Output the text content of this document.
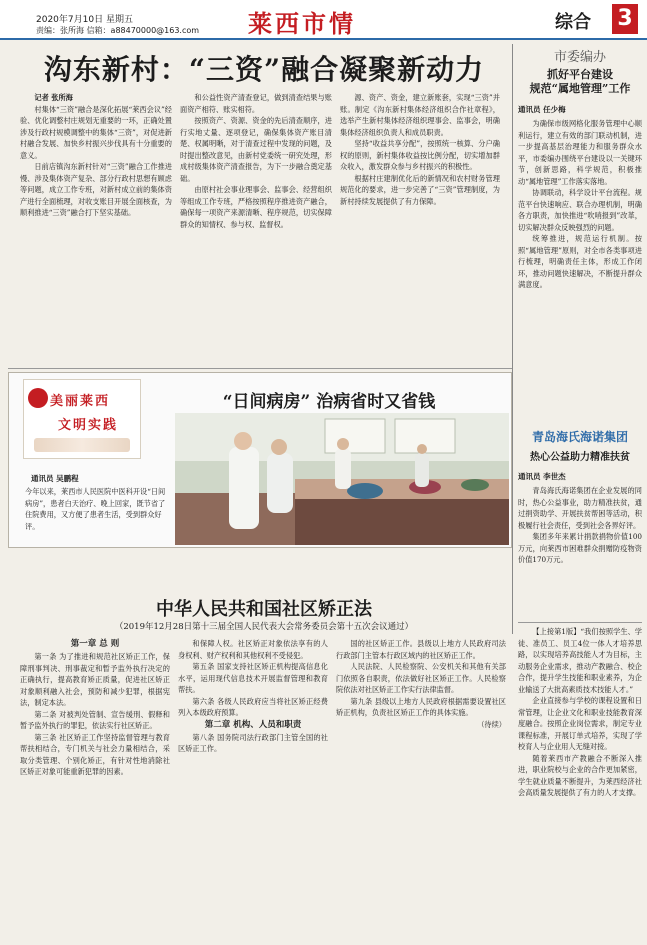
2020年7月10日 星期五
责编：张所海 信箱：a88470000@163.com 莱西市情	综合 3
沟东新村：“三资”融合凝聚新动力

记者 张所海

村集体“三资”融合是深化拓展“莱西会议”经验、优化调整村庄规划无重要的一环，正确处置涉及行政村规模调整中的集体“三资”，对促进新村融合发展、加快乡村振兴步伐具有十分重要的意义。

日前店镇沟东新村针对“三资”融合工作推进慢、涉及集体资产复杂、部分行政村思想有顾虑等问题，成立工作专班，对新村成立前的集体资产进行全面梳理，对收支账目开展全面核查，为顺利推进“三资”融合打下坚实基础。

和公益性资产清查登记，做到清查结果与账面资产相符、账实相符。

按照资产、资源、资金的先后清查顺序，进行实地丈量、逐项登记，确保集体资产账目清楚、权属明晰，对于清查过程中发现的问题，及时提出整改意见，由新村党委统一研究处理，形成村级集体资产清查报告，为下一步融合奠定基础。

由原村社会事业理事会、监事会、经营组织等组成工作专班，严格按照程序推进资产融合，确保每一项资产来源清晰、程序规范，切实保障群众的知情权、参与权、监督权。

源、资产、资金，建立新账套，实现“三资”并账。制定《沟东新村集体经济组织合作社章程》，选举产生新村集体经济组织理事会、监事会，明确集体经济组织负责人和成员职责。

坚持“收益共享分配”，按照统一核算、分户确权的原则，新村集体收益按比例分配，切实增加群众收入，激发群众参与乡村振兴的积极性。

根据村庄建制优化后的新情况和农村财务管理规范化的要求，进一步完善了“三资”管理制度，为新村持续发展提供了有力保障。

市委编办
抓好平台建设
规范“属地管理”工作
通讯员 任少梅

为确保市级网格化服务管理中心顺利运行，建立有效的部门联动机制，进一步提高基层治理能力和服务群众水平，市委编办围绕平台建设以一关键环节，创新思路，科学规范，积极推动“属地管理”工作落实落地。

协调联动，科学设计平台流程。规范平台快速响应、联合办理机制，明确各方职责，加快推进“吹哨报到”改革，切实解决群众反映强烈的问题。

统筹推进，规范运行机制。按照“属地管理”原则，对全市各类事项进行梳理，明确责任主体，形成工作闭环，推动问题快速解决，不断提升群众满意度。

青岛海氏海诺集团
热心公益助力精准扶贫
通讯员 李世杰

青岛海氏海诺集团在企业发展的同时，热心公益事业，助力精准扶贫，通过捐资助学、开展扶贫帮困等活动，积极履行社会责任，受到社会各界好评。

集团多年来累计捐款捐物价值100万元，向莱西市困难群众捐赠防疫物资价值170万元。

【上接第1版】“我们按照学生、学徒、准员工、员工4位一体人才培养思路，以实现培养高技能人才为目标，主动服务企业需求，推动产教融合、校企合作，提升学生技能和职业素养，为企业输送了大批高素质技术技能人才。”

企业直接参与学校的课程设置和日常管理，让企业文化和职业技能教育深度融合。按照企业岗位需求，制定专业课程标准，开展订单式培养，实现了学校育人与企业用人无缝对接。

随着莱西市产教融合不断深入推进，职业院校与企业的合作更加紧密，学生就业质量不断提升，为莱西经济社会高质量发展提供了有力的人才支撑。

美丽莱西
文明实践
“日间病房” 治病省时又省钱
通讯员 吴鹏程
今年以来，莱西市人民医院中医科开设“日间病房”，患者白天治疗、晚上回家，既节省了住院费用，又方便了患者生活，受到群众好评。
中华人民共和国社区矫正法
（2019年12月28日第十三届全国人民代表大会常务委员会第十五次会议通过）

第一章 总 则

第一条 为了推进和规范社区矫正工作，保障刑事判决、刑事裁定和暂予监外执行决定的正确执行，提高教育矫正质量，促进社区矫正对象顺利融入社会，预防和减少犯罪，根据宪法，制定本法。

第二条 对被判处管制、宣告缓刑、假释和暂予监外执行的罪犯，依法实行社区矫正。

第三条 社区矫正工作坚持监督管理与教育帮扶相结合，专门机关与社会力量相结合，采取分类管理、个别化矫正，有针对性地消除社区矫正对象可能重新犯罪的因素。

和保障人权。社区矫正对象依法享有的人身权利、财产权利和其他权利不受侵犯。

第五条 国家支持社区矫正机构提高信息化水平，运用现代信息技术开展监督管理和教育帮扶。

第六条 各级人民政府应当将社区矫正经费列入本级政府预算。

第二章 机构、人员和职责

第八条 国务院司法行政部门主管全国的社区矫正工作。

国的社区矫正工作。县级以上地方人民政府司法行政部门主管本行政区域内的社区矫正工作。

人民法院、人民检察院、公安机关和其他有关部门依照各自职责，依法做好社区矫正工作。人民检察院依法对社区矫正工作实行法律监督。

第九条 县级以上地方人民政府根据需要设置社区矫正机构，负责社区矫正工作的具体实施。

（待续）
